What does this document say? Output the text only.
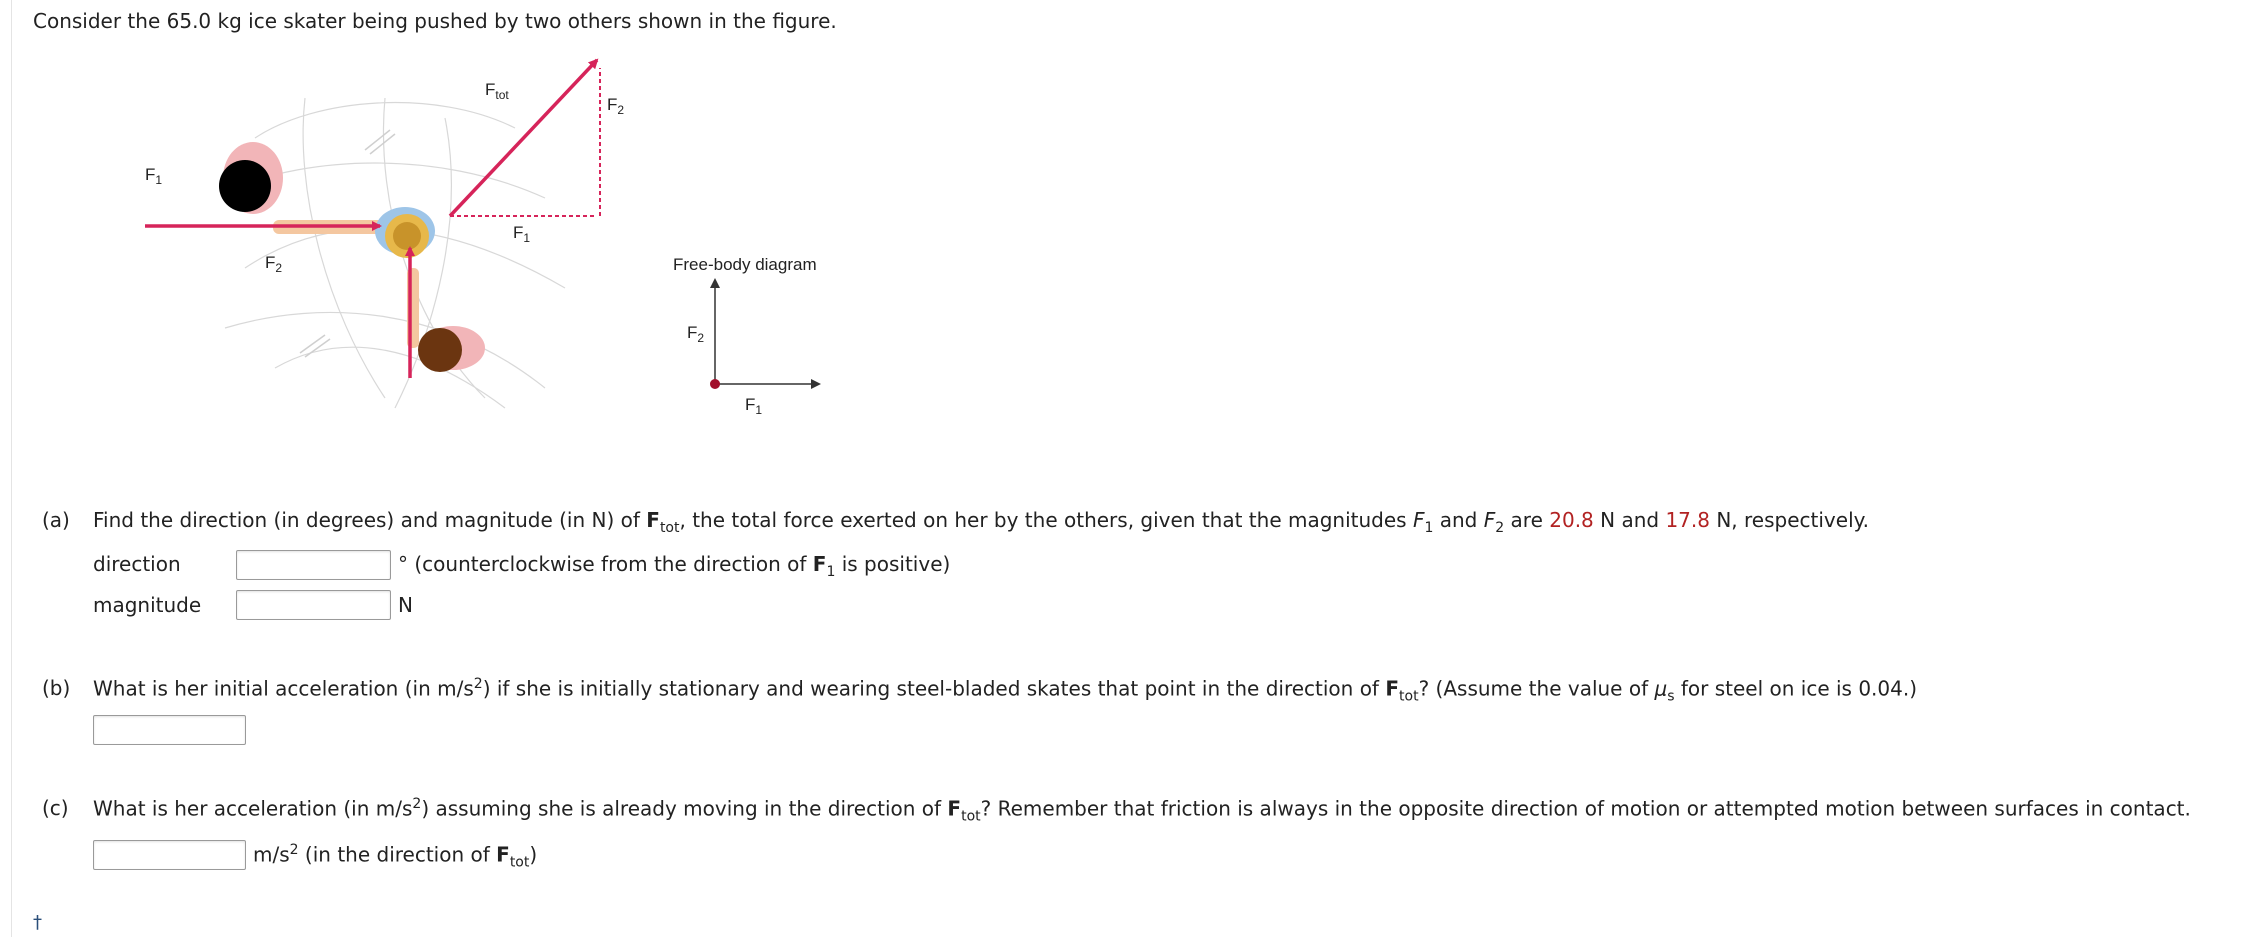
Consider the 65.0 kg ice skater being pushed by two others shown in the figure.
$F_1$
$F_2$
$F_{tot}$	$F_2$
$F_1$
Free-body diagram
$F_2$
$F_1$
(a) Find the direction (in degrees) and magnitude (in N) of $F_{tot}$, the total force exerted on her by the others, given that the magnitudes $F_1$ and $F_2$ are 20.8 N and 17.8 N, respectively.
direction	° (counterclockwise from the direction of $F_1$ is positive)
magnitude	N
(b) What is her initial acceleration (in $m/s^2$) if she is initially stationary and wearing steel-bladed skates that point in the direction of $F_{tot}$? (Assume the value of $\mu_s$ for steel on ice is 0.04.)
(c) What is her acceleration (in $m/s^2$) assuming she is already moving in the direction of $F_{tot}$? Remember that friction is always in the opposite direction of motion or attempted motion between surfaces in contact.
$m/s^2$ (in the direction of $F_{tot}$)
†
